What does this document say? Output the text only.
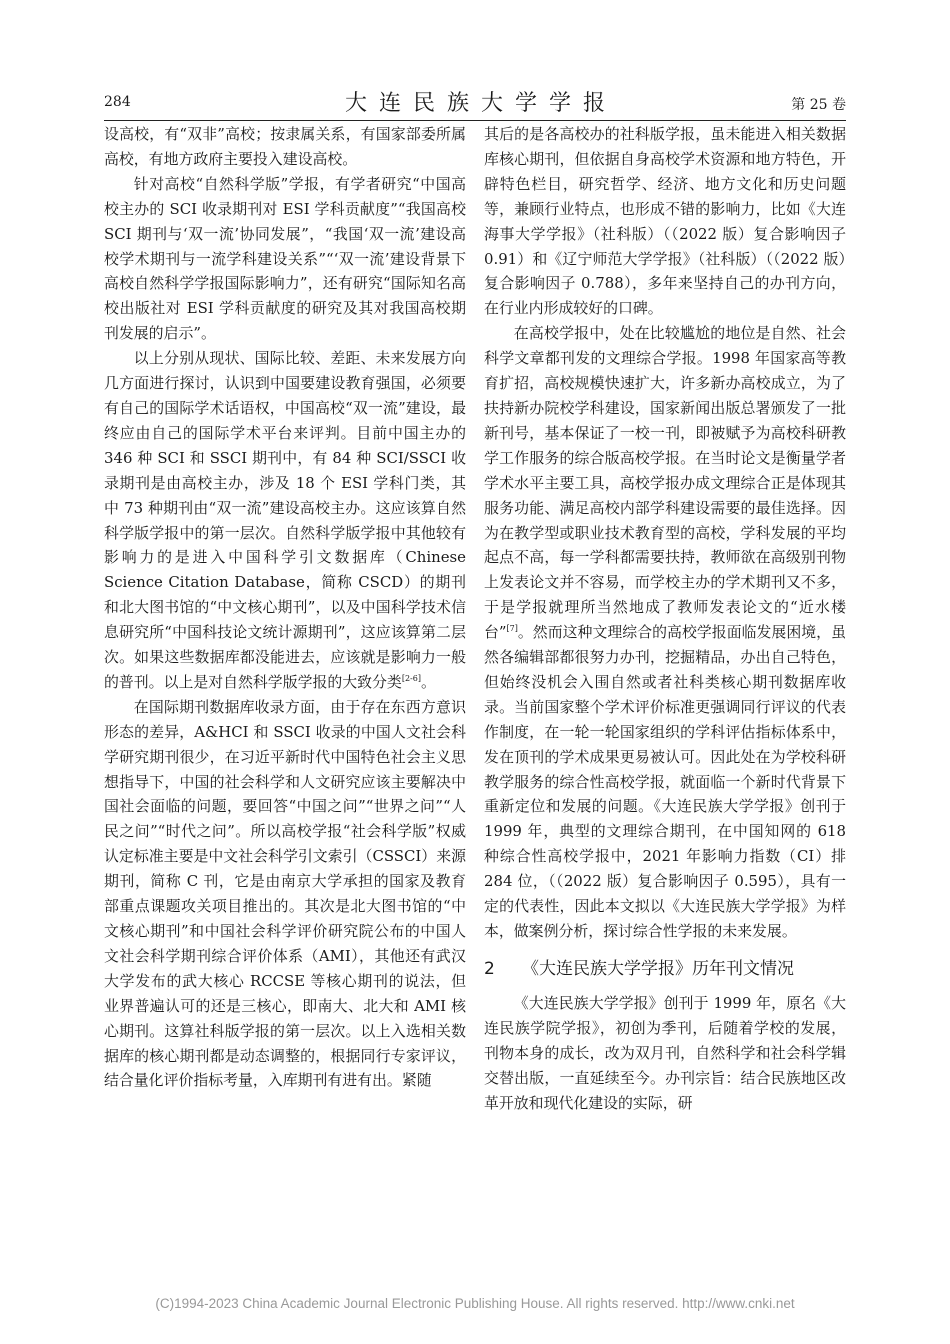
284	大连民族大学学报	第 25 卷

设高校，有“双非”高校；按隶属关系，有国家部委所属高校，有地方政府主要投入建设高校。

针对高校“自然科学版”学报，有学者研究“中国高校主办的 SCI 收录期刊对 ESI 学科贡献度”“我国高校 SCI 期刊与‘双一流’协同发展”，“我国‘双一流’建设高校学术期刊与一流学科建设关系”“‘双一流’建设背景下高校自然科学学报国际影响力”，还有研究“国际知名高校出版社对 ESI 学科贡献度的研究及其对我国高校期刊发展的启示”。

以上分别从现状、国际比较、差距、未来发展方向几方面进行探讨，认识到中国要建设教育强国，必须要有自己的国际学术话语权，中国高校“双一流”建设，最终应由自己的国际学术平台来评判。目前中国主办的 346 种 SCI 和 SSCI 期刊中，有 84 种 SCI/SSCI 收录期刊是由高校主办，涉及 18 个 ESI 学科门类，其中 73 种期刊由“双一流”建设高校主办。这应该算自然科学版学报中的第一层次。自然科学版学报中其他较有影响力的是进入中国科学引文数据库（Chinese Science Citation Database，简称 CSCD）的期刊和北大图书馆的“中文核心期刊”，以及中国科学技术信息研究所“中国科技论文统计源期刊”，这应该算第二层次。如果这些数据库都没能进去，应该就是影响力一般的普刊。以上是对自然科学版学报的大致分类[2-6]。

在国际期刊数据库收录方面，由于存在东西方意识形态的差异，A&HCI 和 SSCI 收录的中国人文社会科学研究期刊很少，在习近平新时代中国特色社会主义思想指导下，中国的社会科学和人文研究应该主要解决中国社会面临的问题，要回答“中国之问”“世界之问”“人民之问”“时代之问”。所以高校学报“社会科学版”权威认定标准主要是中文社会科学引文索引（CSSCI）来源期刊，简称 C 刊，它是由南京大学承担的国家及教育部重点课题攻关项目推出的。其次是北大图书馆的“中文核心期刊”和中国社会科学评价研究院公布的中国人文社会科学期刊综合评价体系（AMI），其他还有武汉大学发布的武大核心 RCCSE 等核心期刊的说法，但业界普遍认可的还是三核心，即南大、北大和 AMI 核心期刊。这算社科版学报的第一层次。以上入选相关数据库的核心期刊都是动态调整的，根据同行专家评议，结合量化评价指标考量，入库期刊有进有出。紧随

其后的是各高校办的社科版学报，虽未能进入相关数据库核心期刊，但依据自身高校学术资源和地方特色，开辟特色栏目，研究哲学、经济、地方文化和历史问题等，兼顾行业特点，也形成不错的影响力，比如《大连海事大学学报》（社科版）（（2022 版）复合影响因子 0.91）和《辽宁师范大学学报》（社科版）（（2022 版）复合影响因子 0.788），多年来坚持自己的办刊方向，在行业内形成较好的口碑。

在高校学报中，处在比较尴尬的地位是自然、社会科学文章都刊发的文理综合学报。1998 年国家高等教育扩招，高校规模快速扩大，许多新办高校成立，为了扶持新办院校学科建设，国家新闻出版总署颁发了一批新刊号，基本保证了一校一刊，即被赋予为高校科研教学工作服务的综合版高校学报。在当时论文是衡量学者学术水平主要工具，高校学报办成文理综合正是体现其服务功能、满足高校内部学科建设需要的最佳选择。因为在教学型或职业技术教育型的高校，学科发展的平均起点不高，每一学科都需要扶持，教师欲在高级别刊物上发表论文并不容易，而学校主办的学术期刊又不多，于是学报就理所当然地成了教师发表论文的“近水楼台”[7]。然而这种文理综合的高校学报面临发展困境，虽然各编辑部都很努力办刊，挖掘精品，办出自己特色，但始终没机会入围自然或者社科类核心期刊数据库收录。当前国家整个学术评价标准更强调同行评议的代表作制度，在一轮一轮国家组织的学科评估指标体系中，发在顶刊的学术成果更易被认可。因此处在为学校科研教学服务的综合性高校学报，就面临一个新时代背景下重新定位和发展的问题。《大连民族大学学报》创刊于 1999 年，典型的文理综合期刊，在中国知网的 618 种综合性高校学报中，2021 年影响力指数（CI）排 284 位，（（2022 版）复合影响因子 0.595），具有一定的代表性，因此本文拟以《大连民族大学学报》为样本，做案例分析，探讨综合性学报的未来发展。

2 《大连民族大学学报》历年刊文情况

《大连民族大学学报》创刊于 1999 年，原名《大连民族学院学报》，初创为季刊，后随着学校的发展，刊物本身的成长，改为双月刊，自然科学和社会科学辑交替出版，一直延续至今。办刊宗旨：结合民族地区改革开放和现代化建设的实际，研

(C)1994-2023 China Academic Journal Electronic Publishing House. All rights reserved. http://www.cnki.net
